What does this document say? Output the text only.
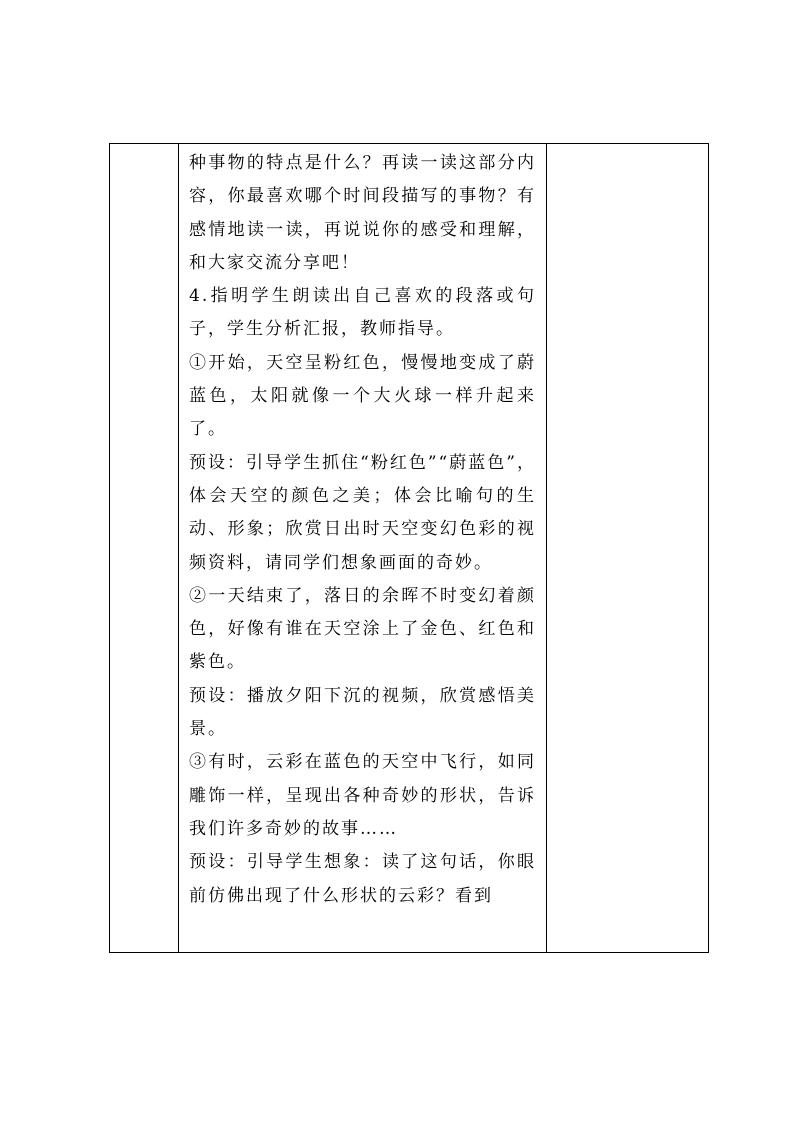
种事物的特点是什么？再读一读这部分内容，你最喜欢哪个时间段描写的事物？有感情地读一读，再说说你的感受和理解，和大家交流分享吧！

4.指明学生朗读出自己喜欢的段落或句子，学生分析汇报，教师指导。

①开始，天空呈粉红色，慢慢地变成了蔚蓝色，太阳就像一个大火球一样升起来了。

预设：引导学生抓住“粉红色”“蔚蓝色”，体会天空的颜色之美；体会比喻句的生动、形象；欣赏日出时天空变幻色彩的视频资料，请同学们想象画面的奇妙。

②一天结束了，落日的余晖不时变幻着颜色，好像有谁在天空涂上了金色、红色和紫色。

预设：播放夕阳下沉的视频，欣赏感悟美景。

③有时，云彩在蓝色的天空中飞行，如同雕饰一样，呈现出各种奇妙的形状，告诉我们许多奇妙的故事……

预设：引导学生想象：读了这句话，你眼前仿佛出现了什么形状的云彩？看到
